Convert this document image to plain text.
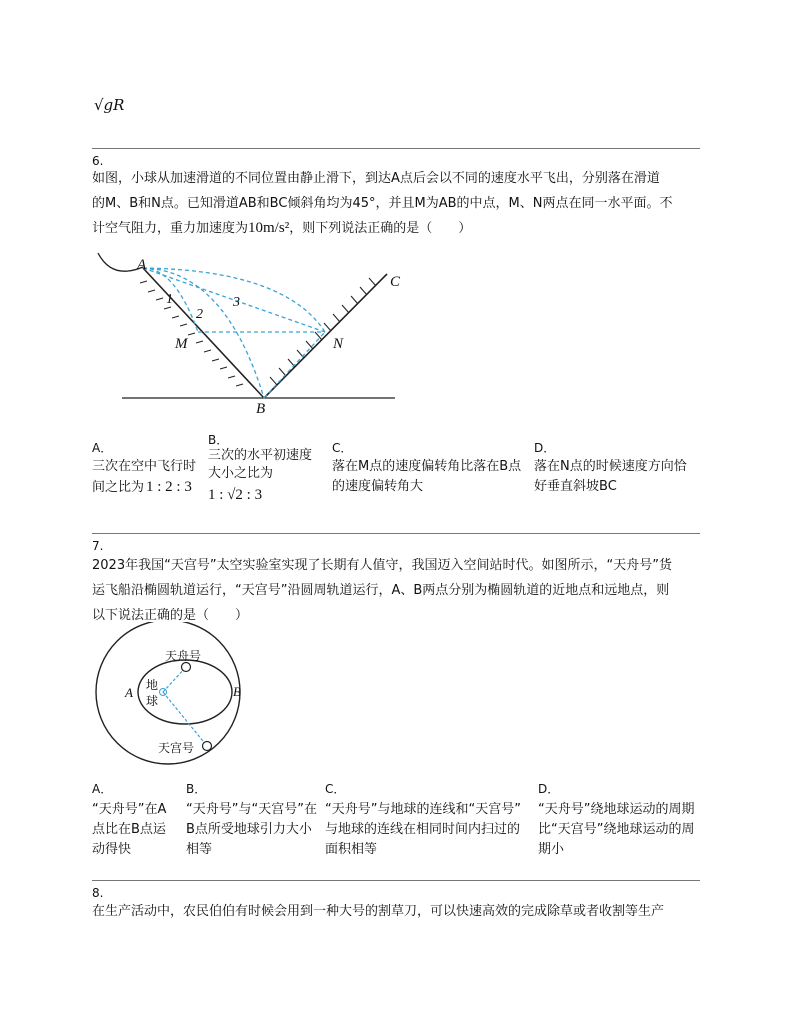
√gR
6.
如图，小球从加速滑道的不同位置由静止滑下，到达A点后会以不同的速度水平飞出，分别落在滑道
的M、B和N点。已知滑道AB和BC倾斜角均为45°，并且M为AB的中点，M、N两点在同一水平面。不
计空气阻力，重力加速度为10m/s²，则下列说法正确的是（　　）
A
B
C
M	N
1
2
3
A．
三次在空中飞行时
间之比为 1 : 2 : 3
B．
三次的水平初速度
大小之比为
1 : √2 : 3
C．
落在M点的速度偏转角比落在B点
的速度偏转角大
D．
落在N点的时候速度方向恰
好垂直斜坡BC
7.
2023年我国“天宫号”太空实验室实现了长期有人值守，我国迈入空间站时代。如图所示，“天舟号”货
运飞船沿椭圆轨道运行，“天宫号”沿圆周轨道运行，A、B两点分别为椭圆轨道的近地点和远地点，则
以下说法正确的是（　　）
天舟号
天宫号
地
球
A	B
A．
“天舟号”在A
点比在B点运
动得快
B．
“天舟号”与“天宫号”在
B点所受地球引力大小
相等
C．
“天舟号”与地球的连线和“天宫号”
与地球的连线在相同时间内扫过的
面积相等
D．
“天舟号”绕地球运动的周期
比“天宫号”绕地球运动的周
期小
8.
在生产活动中，农民伯伯有时候会用到一种大号的割草刀，可以快速高效的完成除草或者收割等生产
